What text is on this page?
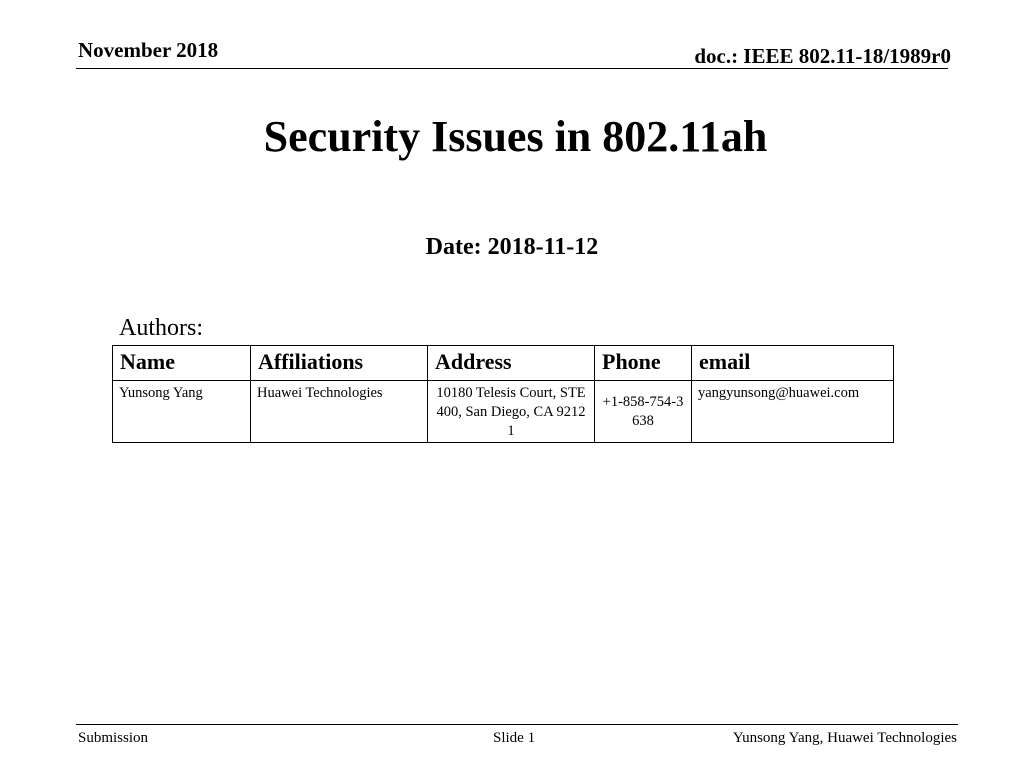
November 2018	doc.: IEEE 802.11-18/1989r0
Security Issues in 802.11ah
Date: 2018-11-12
Authors:
Name	Affiliations	Address	Phone	email
Yunsong Yang	Huawei Technologies	10180 Telesis Court, STE 400, San Diego, CA 92121	+1-858-754-3638	yangyunsong@huawei.com
Submission	Slide 1	Yunsong Yang, Huawei Technologies
